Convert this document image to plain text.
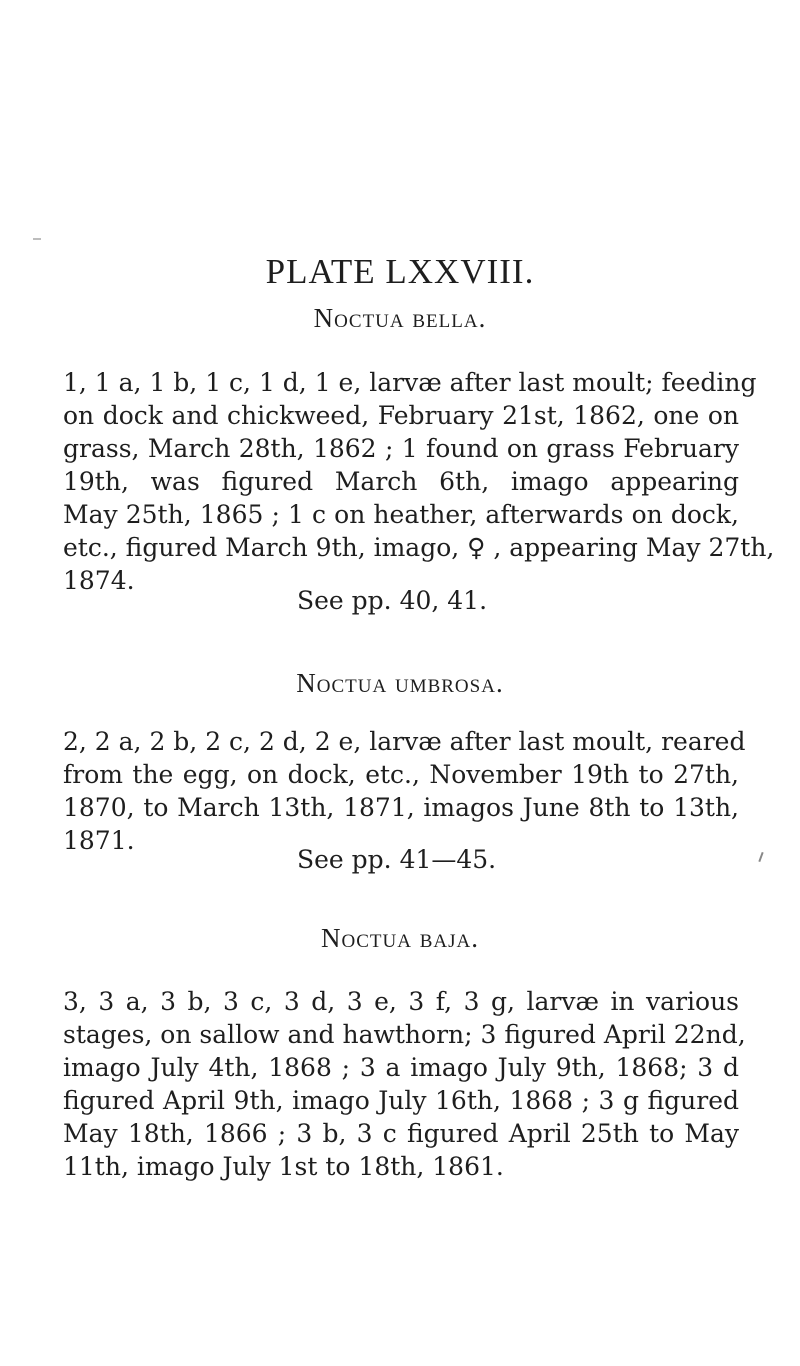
PLATE LXXVIII.
Noctua bella.

1, 1 a, 1 b, 1 c, 1 d, 1 e, larvæ after last moult; feeding
on dock and chickweed, February 21st, 1862, one on
grass, March 28th, 1862 ; 1 found on grass February
19th, was figured March 6th, imago appearing
May 25th, 1865 ; 1 c on heather, afterwards on dock,
etc., figured March 9th, imago, ♀ , appearing May 27th,
1874.

See pp. 40, 41.

Noctua umbrosa.

2, 2 a, 2 b, 2 c, 2 d, 2 e, larvæ after last moult, reared
from the egg, on dock, etc., November 19th to 27th,
1870, to March 13th, 1871, imagos June 8th to 13th,
1871.

See pp. 41—45.

Noctua baja.

3, 3 a, 3 b, 3 c, 3 d, 3 e, 3 f, 3 g, larvæ in various
stages, on sallow and hawthorn; 3 figured April 22nd,
imago July 4th, 1868 ; 3 a imago July 9th, 1868; 3 d
figured April 9th, imago July 16th, 1868 ; 3 g figured
May 18th, 1866 ; 3 b, 3 c figured April 25th to May
11th, imago July 1st to 18th, 1861.
